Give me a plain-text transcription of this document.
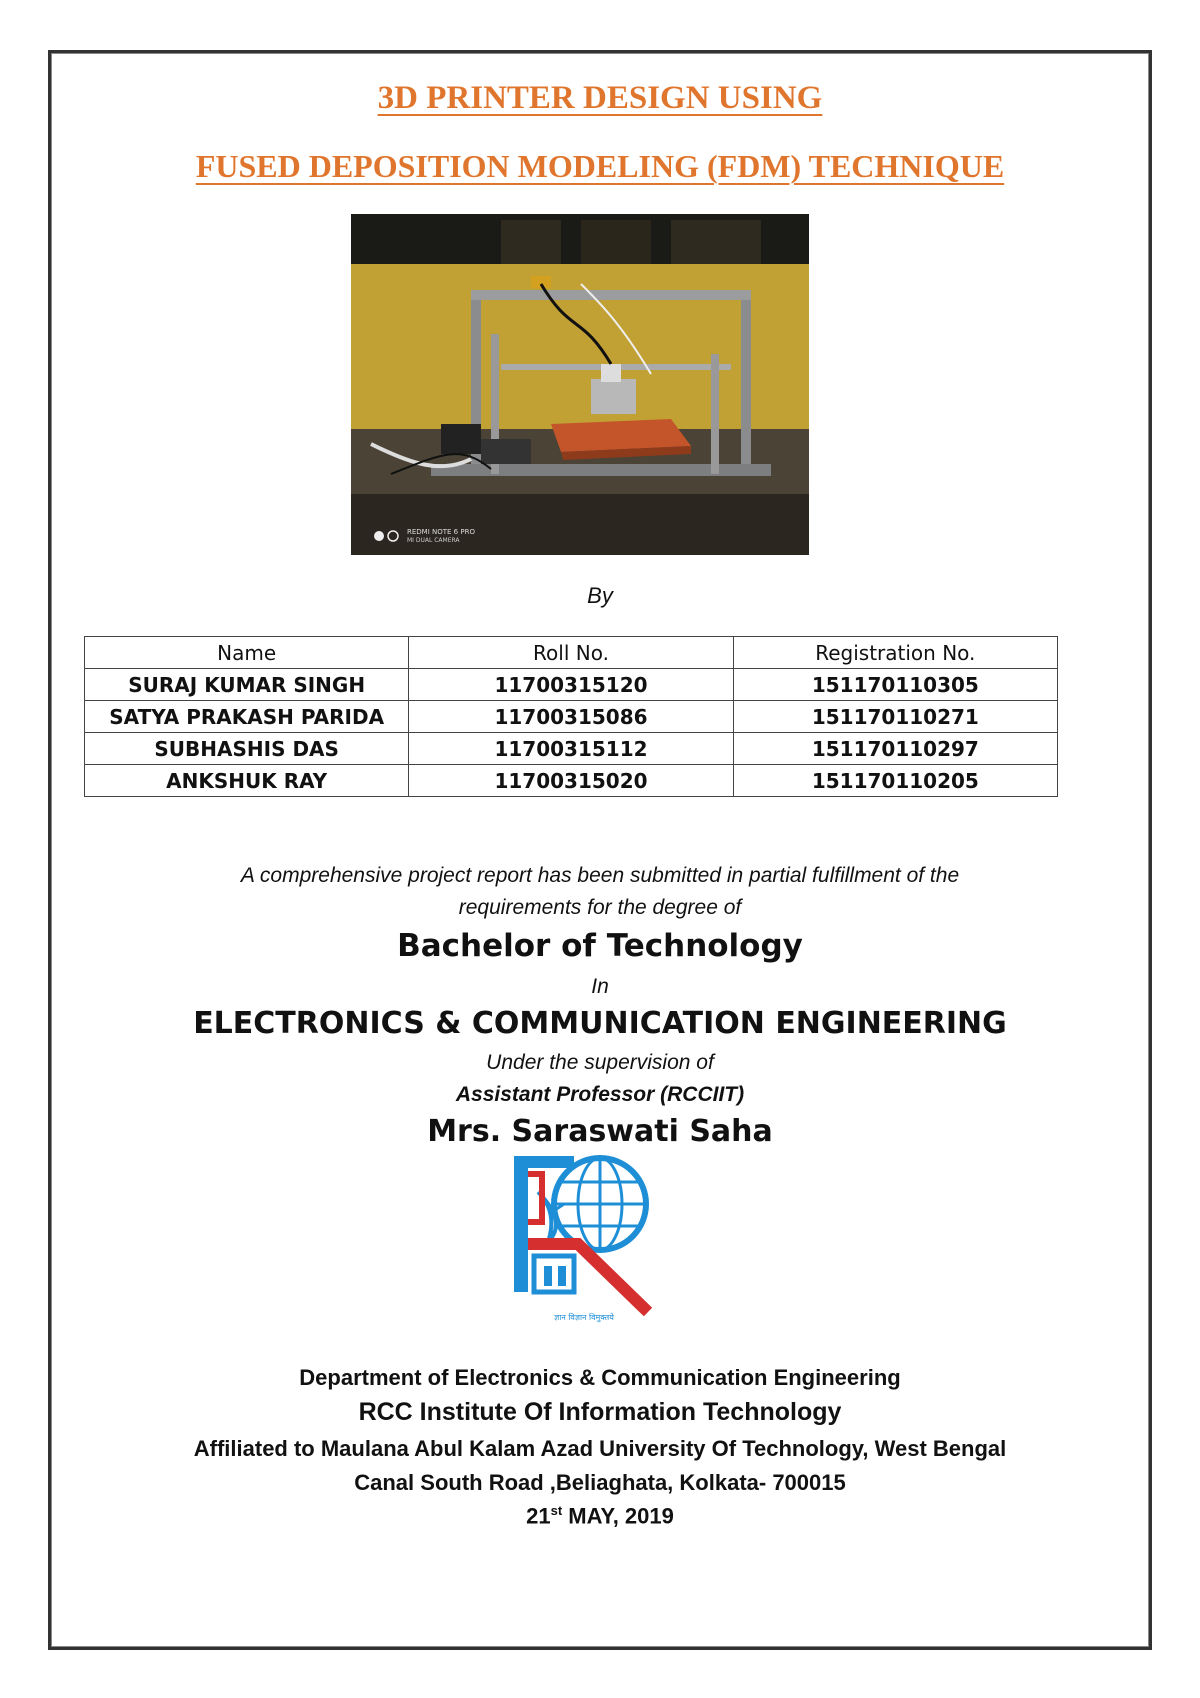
3D PRINTER DESIGN USING
FUSED DEPOSITION MODELING (FDM) TECHNIQUE
REDMI NOTE 6 PRO
MI DUAL CAMERA
By
Name	Roll No.	Registration No.
SURAJ KUMAR SINGH	11700315120	151170110305
SATYA PRAKASH PARIDA	11700315086	151170110271
SUBHASHIS DAS	11700315112	151170110297
ANKSHUK RAY	11700315020	151170110205
A comprehensive project report has been submitted in partial fulfillment of the
requirements for the degree of
Bachelor of Technology
In
ELECTRONICS & COMMUNICATION ENGINEERING
Under the supervision of
Assistant Professor (RCCIIT)
Mrs. Saraswati Saha
ज्ञान विज्ञान विमुक्तये
Department of Electronics & Communication Engineering
RCC Institute Of Information Technology
Affiliated to Maulana Abul Kalam Azad University Of Technology, West Bengal
Canal South Road ,Beliaghata, Kolkata- 700015
21st MAY, 2019
